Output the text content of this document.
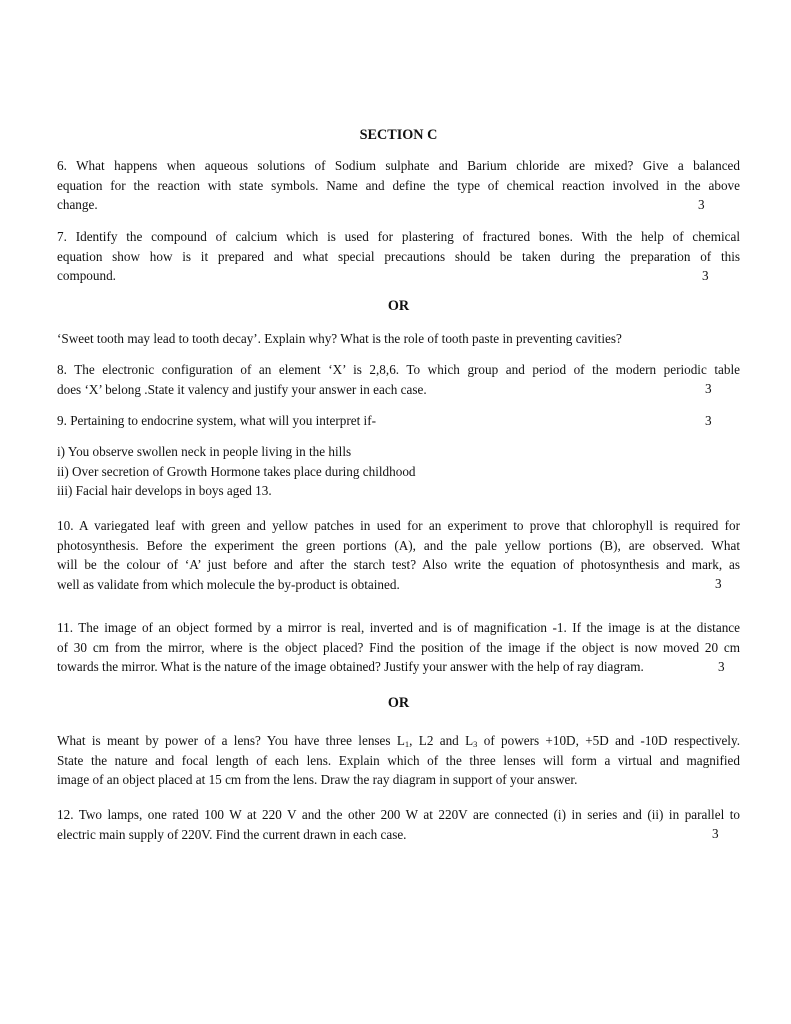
SECTION C
6. What happens when aqueous solutions of Sodium sulphate and Barium chloride are mixed? Give a balanced
equation for the reaction with state symbols. Name and define the type of chemical reaction involved in the above
change.	3
7. Identify the compound of calcium which is used for plastering of fractured bones. With the help of chemical
equation show how is it prepared and what special precautions should be taken during the preparation of this
compound.	3
OR
‘Sweet tooth may lead to tooth decay’. Explain why? What is the role of tooth paste in preventing cavities?
8. The electronic configuration of an element ‘X’ is 2,8,6. To which group and period of the modern periodic table
does ‘X’ belong .State it valency and justify your answer in each case.	3
9. Pertaining to endocrine system, what will you interpret if-	3
i) You observe swollen neck in people living in the hills
ii) Over secretion of Growth Hormone takes place during childhood
iii) Facial hair develops in boys aged 13.
10. A variegated leaf with green and yellow patches in used for an experiment to prove that chlorophyll is required for
photosynthesis. Before the experiment the green portions (A), and the pale yellow portions (B), are observed. What
will be the colour of ‘A’ just before and after the starch test? Also write the equation of photosynthesis and mark, as
well as validate from which molecule the by-product is obtained.	3
11. The image of an object formed by a mirror is real, inverted and is of magnification -1. If the image is at the distance
of 30 cm from the mirror, where is the object placed? Find the position of the image if the object is now moved 20 cm
towards the mirror. What is the nature of the image obtained? Justify your answer with the help of ray diagram.	3
OR
What is meant by power of a lens? You have three lenses $L_1$, L2 and $L_3$ of powers +10D, +5D and -10D respectively.
State the nature and focal length of each lens. Explain which of the three lenses will form a virtual and magnified
image of an object placed at 15 cm from the lens. Draw the ray diagram in support of your answer.
12. Two lamps, one rated 100 W at 220 V and the other 200 W at 220V are connected (i) in series and (ii) in parallel to
electric main supply of 220V. Find the current drawn in each case.	3
